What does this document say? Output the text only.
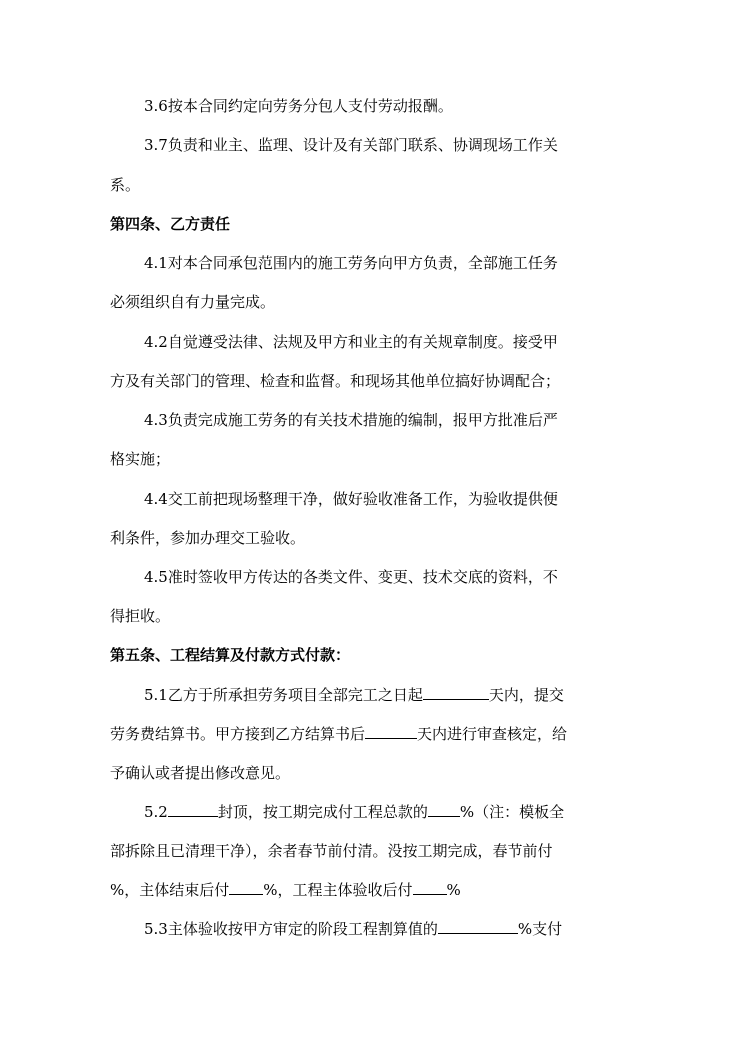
3.6按本合同约定向劳务分包人支付劳动报酬。
3.7负责和业主、监理、设计及有关部门联系、协调现场工作关
系。
第四条、乙方责任
4.1对本合同承包范围内的施工劳务向甲方负责，全部施工任务
必须组织自有力量完成。
4.2自觉遵受法律、法规及甲方和业主的有关规章制度。接受甲
方及有关部门的管理、检查和监督。和现场其他单位搞好协调配合；
4.3负责完成施工劳务的有关技术措施的编制，报甲方批准后严
格实施；
4.4交工前把现场整理干净，做好验收准备工作，为验收提供便
利条件，参加办理交工验收。
4.5准时签收甲方传达的各类文件、变更、技术交底的资料，不
得拒收。
第五条、工程结算及付款方式付款：
5.1乙方于所承担劳务项目全部完工之日起	天内，提交
劳务费结算书。甲方接到乙方结算书后	天内进行审查核定，给
予确认或者提出修改意见。
5.2	封顶，按工期完成付工程总款的 %（注：模板全
部拆除且已清理干净），余者春节前付清。没按工期完成，春节前付
%，主体结束后付 %，工程主体验收后付 %
5.3主体验收按甲方审定的阶段工程割算值的	%支付
